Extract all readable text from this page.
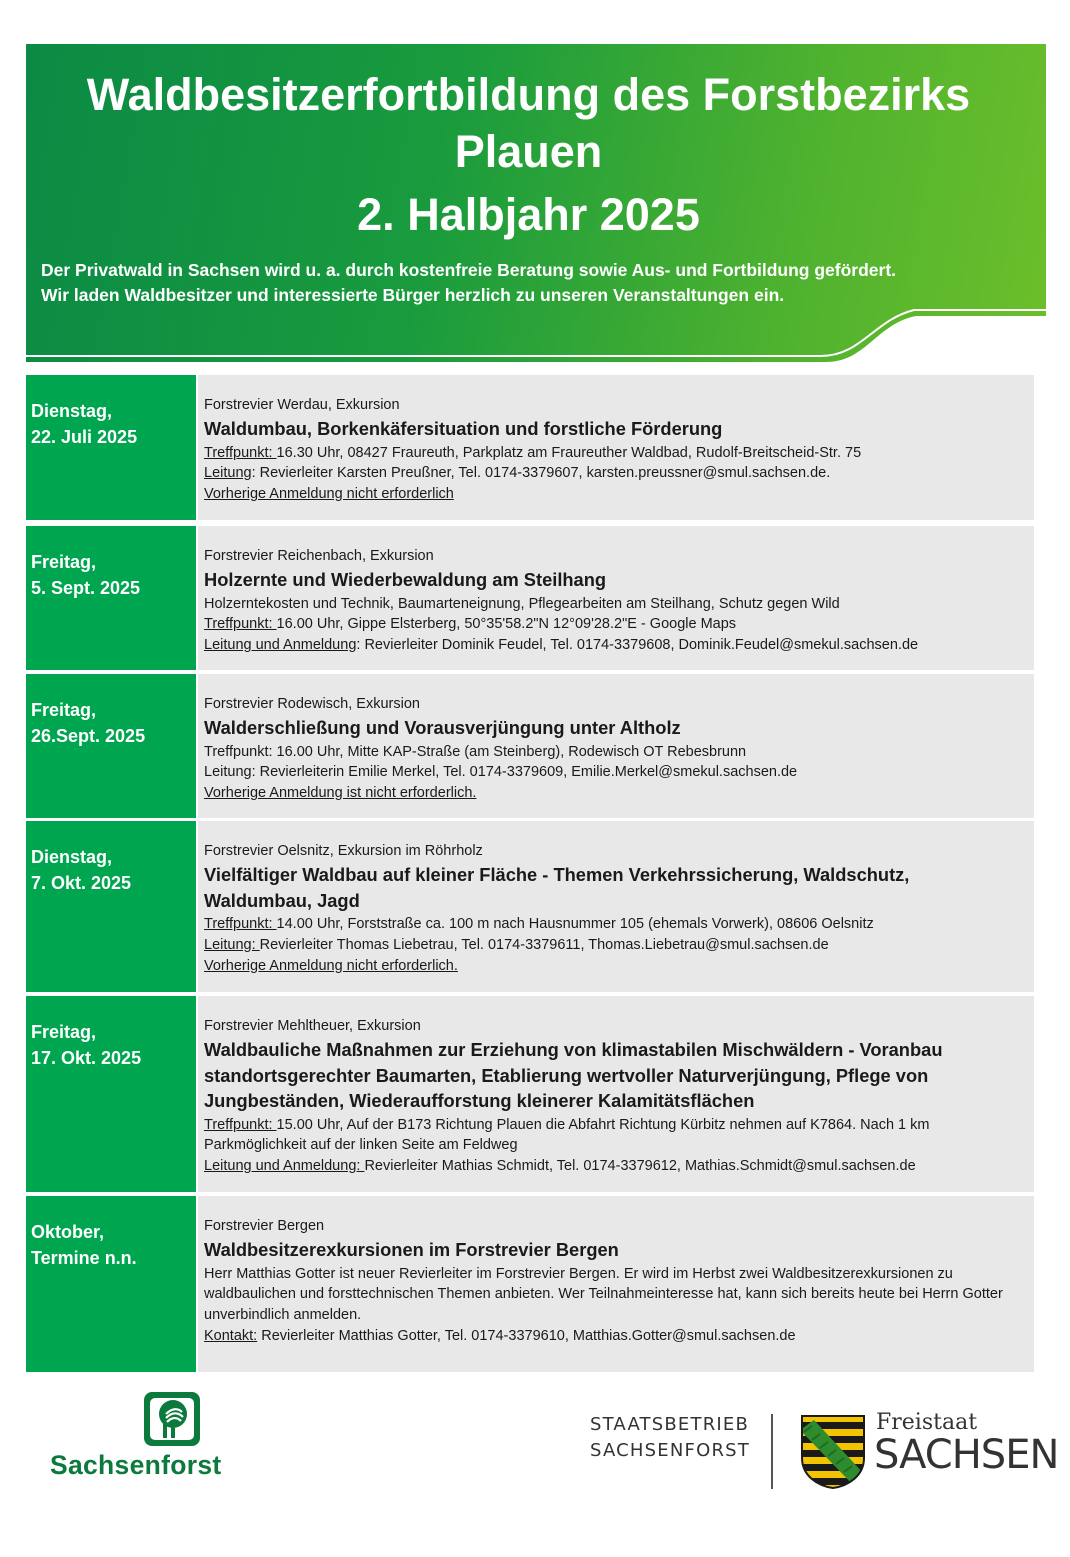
Waldbesitzerfortbildung des Forstbezirks
Plauen
2. Halbjahr 2025
Der Privatwald in Sachsen wird u. a. durch kostenfreie Beratung sowie Aus- und Fortbildung gefördert.
Wir laden Waldbesitzer und interessierte Bürger herzlich zu unseren Veranstaltungen ein.
Dienstag,
22. Juli 2025
Forstrevier Werdau, Exkursion
Waldumbau, Borkenkäfersituation und forstliche Förderung
Treffpunkt: 16.30 Uhr, 08427 Fraureuth, Parkplatz am Fraureuther Waldbad, Rudolf-Breitscheid-Str. 75
Leitung: Revierleiter Karsten Preußner, Tel. 0174-3379607, karsten.preussner@smul.sachsen.de.
Vorherige Anmeldung nicht erforderlich
Freitag,
5. Sept. 2025
Forstrevier Reichenbach, Exkursion
Holzernte und Wiederbewaldung am Steilhang
Holzerntekosten und Technik, Baumarteneignung, Pflegearbeiten am Steilhang, Schutz gegen Wild
Treffpunkt: 16.00 Uhr, Gippe Elsterberg, 50°35'58.2"N 12°09'28.2"E - Google Maps
Leitung und Anmeldung: Revierleiter Dominik Feudel, Tel. 0174-3379608, Dominik.Feudel@smekul.sachsen.de
Freitag,
26.Sept. 2025
Forstrevier Rodewisch, Exkursion
Walderschließung und Vorausverjüngung unter Altholz
Treffpunkt: 16.00 Uhr, Mitte KAP-Straße (am Steinberg), Rodewisch OT Rebesbrunn
Leitung: Revierleiterin Emilie Merkel, Tel. 0174-3379609, Emilie.Merkel@smekul.sachsen.de
Vorherige Anmeldung ist nicht erforderlich.
Dienstag,
7. Okt. 2025
Forstrevier Oelsnitz, Exkursion im Röhrholz
Vielfältiger Waldbau auf kleiner Fläche - Themen Verkehrssicherung, Waldschutz, Waldumbau, Jagd
Treffpunkt: 14.00 Uhr, Forststraße ca. 100 m nach Hausnummer 105 (ehemals Vorwerk), 08606 Oelsnitz
Leitung: Revierleiter Thomas Liebetrau, Tel. 0174-3379611, Thomas.Liebetrau@smul.sachsen.de
Vorherige Anmeldung nicht erforderlich.
Freitag,
17. Okt. 2025
Forstrevier Mehltheuer, Exkursion
Waldbauliche Maßnahmen zur Erziehung von klimastabilen Mischwäldern - Voranbau standortsgerechter Baumarten, Etablierung wertvoller Naturverjüngung, Pflege von Jungbeständen, Wiederaufforstung kleinerer Kalamitätsflächen
Treffpunkt: 15.00 Uhr, Auf der B173 Richtung Plauen die Abfahrt Richtung Kürbitz nehmen auf K7864. Nach 1 km Parkmöglichkeit auf der linken Seite am Feldweg
Leitung und Anmeldung: Revierleiter Mathias Schmidt, Tel. 0174-3379612, Mathias.Schmidt@smul.sachsen.de
Oktober,
Termine n.n.
Forstrevier Bergen
Waldbesitzerexkursionen im Forstrevier Bergen
Herr Matthias Gotter ist neuer Revierleiter im Forstrevier Bergen. Er wird im Herbst zwei Waldbesitzerexkursionen zu waldbaulichen und forsttechnischen Themen anbieten. Wer Teilnahmeinteresse hat, kann sich bereits heute bei Herrn Gotter unverbindlich anmelden.
Kontakt: Revierleiter Matthias Gotter, Tel. 0174-3379610, Matthias.Gotter@smul.sachsen.de
Sachsenforst
STAATSBETRIEB
SACHSENFORST
Freistaat
SACHSEN
